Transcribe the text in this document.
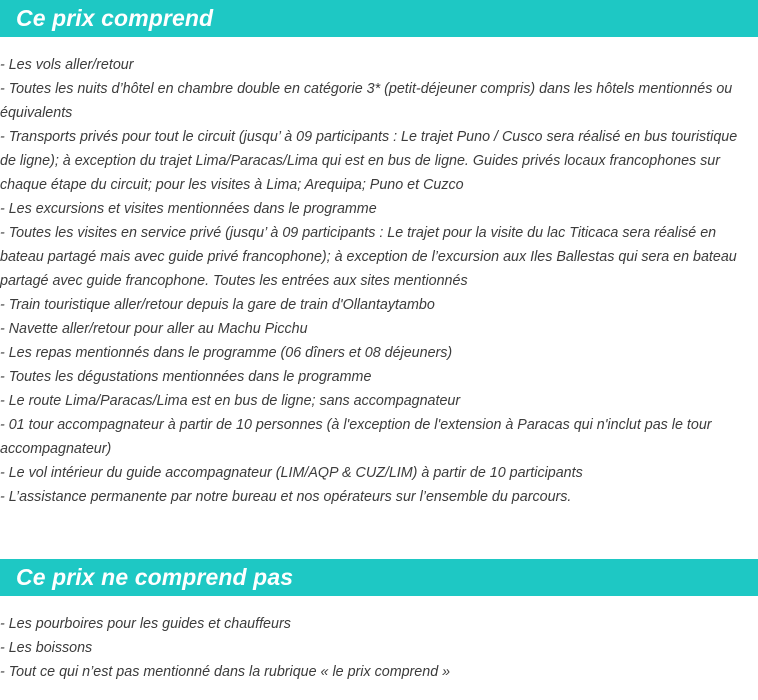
Ce prix comprend
- Les vols aller/retour
- Toutes les nuits d’hôtel en chambre double en catégorie 3* (petit-déjeuner compris) dans les hôtels mentionnés ou équivalents
- Transports privés pour tout le circuit (jusqu’ à 09 participants : Le trajet Puno / Cusco sera réalisé en bus touristique de ligne); à exception du trajet Lima/Paracas/Lima qui est en bus de ligne. Guides privés locaux francophones sur chaque étape du circuit; pour les visites à Lima; Arequipa; Puno et Cuzco
- Les excursions et visites mentionnées dans le programme
- Toutes les visites en service privé (jusqu’ à 09 participants : Le trajet pour la visite du lac Titicaca sera réalisé en bateau partagé mais avec guide privé francophone); à exception de l’excursion aux Iles Ballestas qui sera en bateau partagé avec guide francophone. Toutes les entrées aux sites mentionnés
- Train touristique aller/retour depuis la gare de train d'Ollantaytambo
- Navette aller/retour pour aller au Machu Picchu
- Les repas mentionnés dans le programme (06 dîners et 08 déjeuners)
- Toutes les dégustations mentionnées dans le programme
- Le route Lima/Paracas/Lima est en bus de ligne; sans accompagnateur
- 01 tour accompagnateur à partir de 10 personnes (à l'exception de l'extension à Paracas qui n'inclut pas le tour accompagnateur)
- Le vol intérieur du guide accompagnateur (LIM/AQP & CUZ/LIM) à partir de 10 participants
- L’assistance permanente par notre bureau et nos opérateurs sur l’ensemble du parcours.
Ce prix ne comprend pas
- Les pourboires pour les guides et chauffeurs
- Les boissons
- Tout ce qui n’est pas mentionné dans la rubrique « le prix comprend »
